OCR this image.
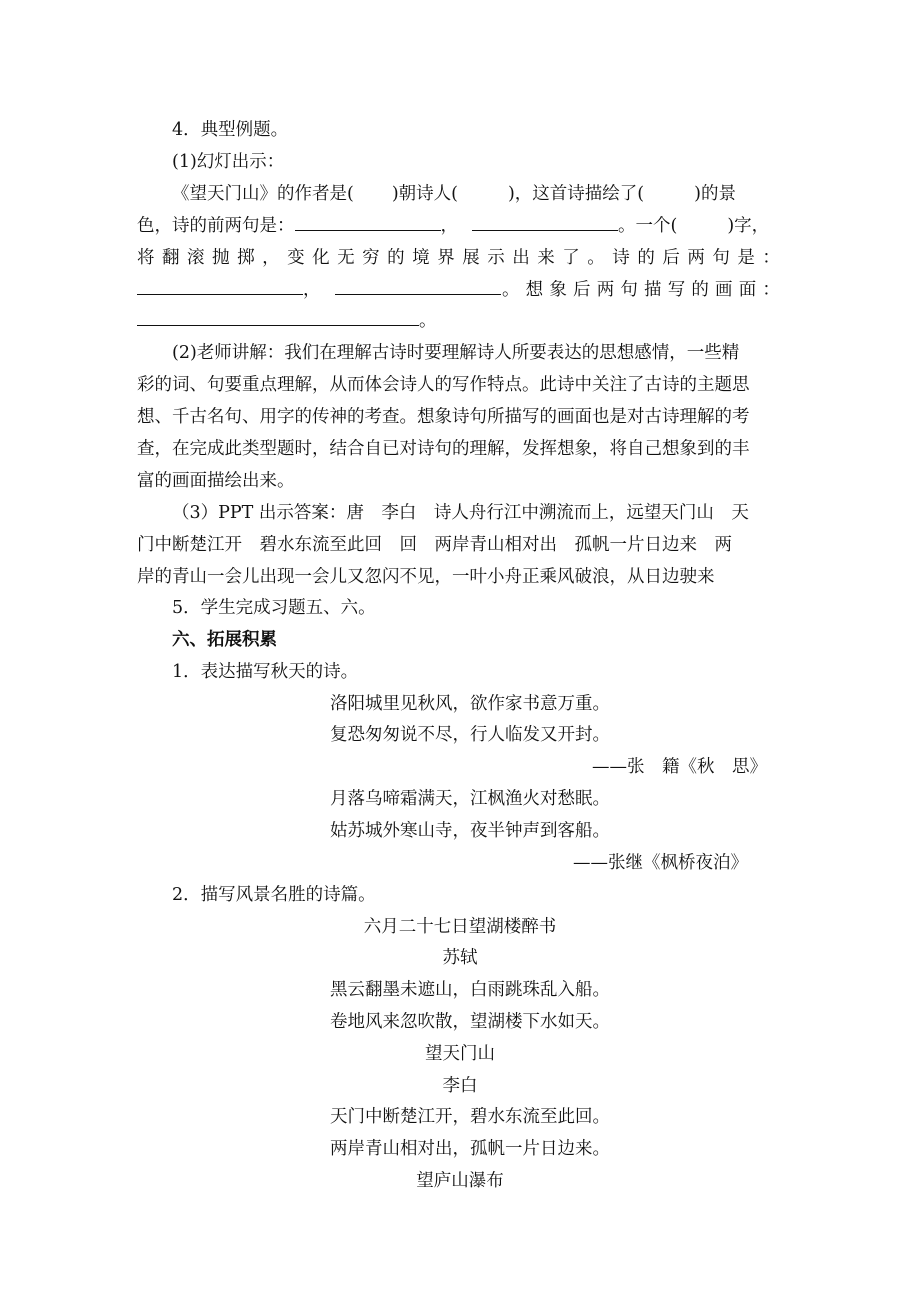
4．典型例题。
(1)幻灯出示：
《望天门山》的作者是( )朝诗人(	)，这首诗描绘了(	)的景
色，诗的前两句是：	，	。一个(	)字，
将 翻 滚 抛 掷 ， 变 化 无 穷 的 境 界 展 示 出 来 了 。 诗 的 后 两 句 是 ：
，	。 想 象 后 两 句 描 写 的 画 面 ：
。
(2)老师讲解：我们在理解古诗时要理解诗人所要表达的思想感情，一些精
彩的词、句要重点理解，从而体会诗人的写作特点。此诗中关注了古诗的主题思
想、千古名句、用字的传神的考查。想象诗句所描写的画面也是对古诗理解的考
查，在完成此类型题时，结合自已对诗句的理解，发挥想象，将自己想象到的丰
富的画面描绘出来。
（3）PPT 出示答案：唐　李白　诗人舟行江中溯流而上，远望天门山　天
门中断楚江开　碧水东流至此回　回　两岸青山相对出　孤帆一片日边来　两
岸的青山一会儿出现一会儿又忽闪不见，一叶小舟正乘风破浪，从日边驶来
5．学生完成习题五、六。
六、拓展积累
1．表达描写秋天的诗。
洛阳城里见秋风，欲作家书意万重。
复恐匆匆说不尽，行人临发又开封。
——张　籍《秋　思》
月落乌啼霜满天，江枫渔火对愁眠。
姑苏城外寒山寺，夜半钟声到客船。
——张继《枫桥夜泊》
2．描写风景名胜的诗篇。
六月二十七日望湖楼醉书
苏轼
黑云翻墨未遮山，白雨跳珠乱入船。
卷地风来忽吹散，望湖楼下水如天。
望天门山
李白
天门中断楚江开，碧水东流至此回。
两岸青山相对出，孤帆一片日边来。
望庐山瀑布
